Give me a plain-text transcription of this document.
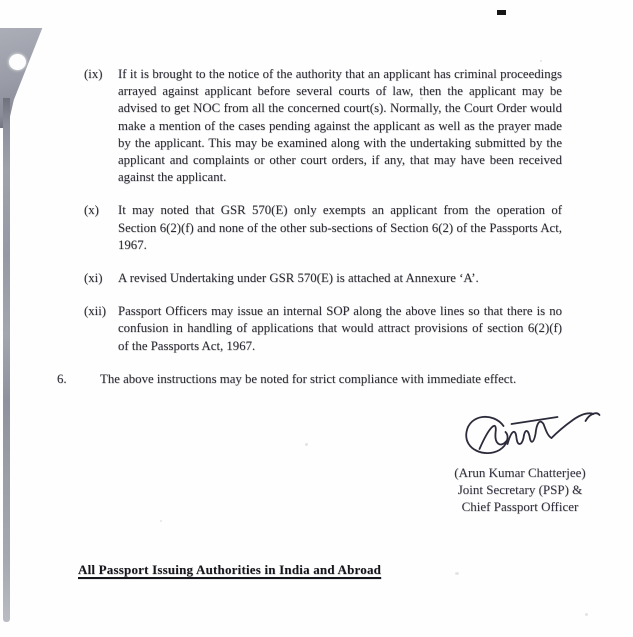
(ix)	If it is brought to the notice of the authority that an applicant has criminal proceedings arrayed against applicant before several courts of law, then the applicant may be advised to get NOC from all the concerned court(s). Normally, the Court Order would make a mention of the cases pending against the applicant as well as the prayer made by the applicant. This may be examined along with the undertaking submitted by the applicant and complaints or other court orders, if any, that may have been received against the applicant.

(x)	It may noted that GSR 570(E) only exempts an applicant from the operation of Section 6(2)(f) and none of the other sub-sections of Section 6(2) of the Passports Act, 1967.

(xi)	A revised Undertaking under GSR 570(E) is attached at Annexure ‘A’.

(xii) Passport Officers may issue an internal SOP along the above lines so that there is no confusion in handling of applications that would attract provisions of section 6(2)(f) of the Passports Act, 1967.

6.	The above instructions may be noted for strict compliance with immediate effect.

(Arun Kumar Chatterjee)
Joint Secretary (PSP) &
Chief Passport Officer
All Passport Issuing Authorities in India and Abroad
